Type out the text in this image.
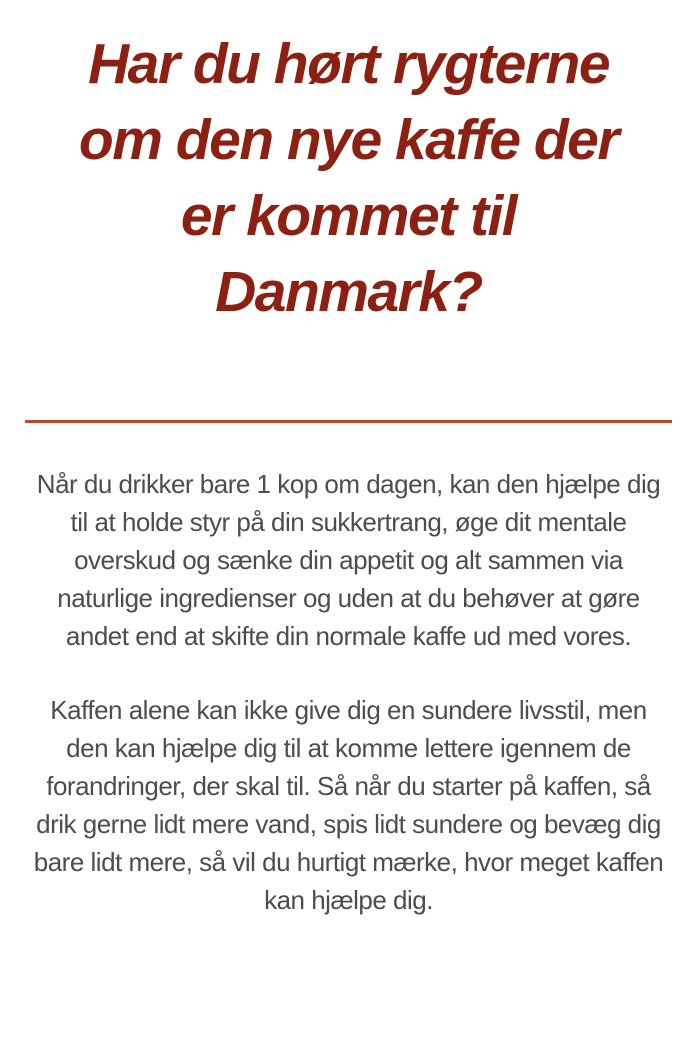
Har du hørt rygterne
om den nye kaffe der
er kommet til
Danmark?

Når du drikker bare 1 kop om dagen, kan den hjælpe dig til at holde styr på din sukkertrang, øge dit mentale overskud og sænke din appetit og alt sammen via naturlige ingredienser og uden at du behøver at gøre andet end at skifte din normale kaffe ud med vores.

Kaffen alene kan ikke give dig en sundere livsstil, men den kan hjælpe dig til at komme lettere igennem de forandringer, der skal til. Så når du starter på kaffen, så drik gerne lidt mere vand, spis lidt sundere og bevæg dig bare lidt mere, så vil du hurtigt mærke, hvor meget kaffen kan hjælpe dig.
